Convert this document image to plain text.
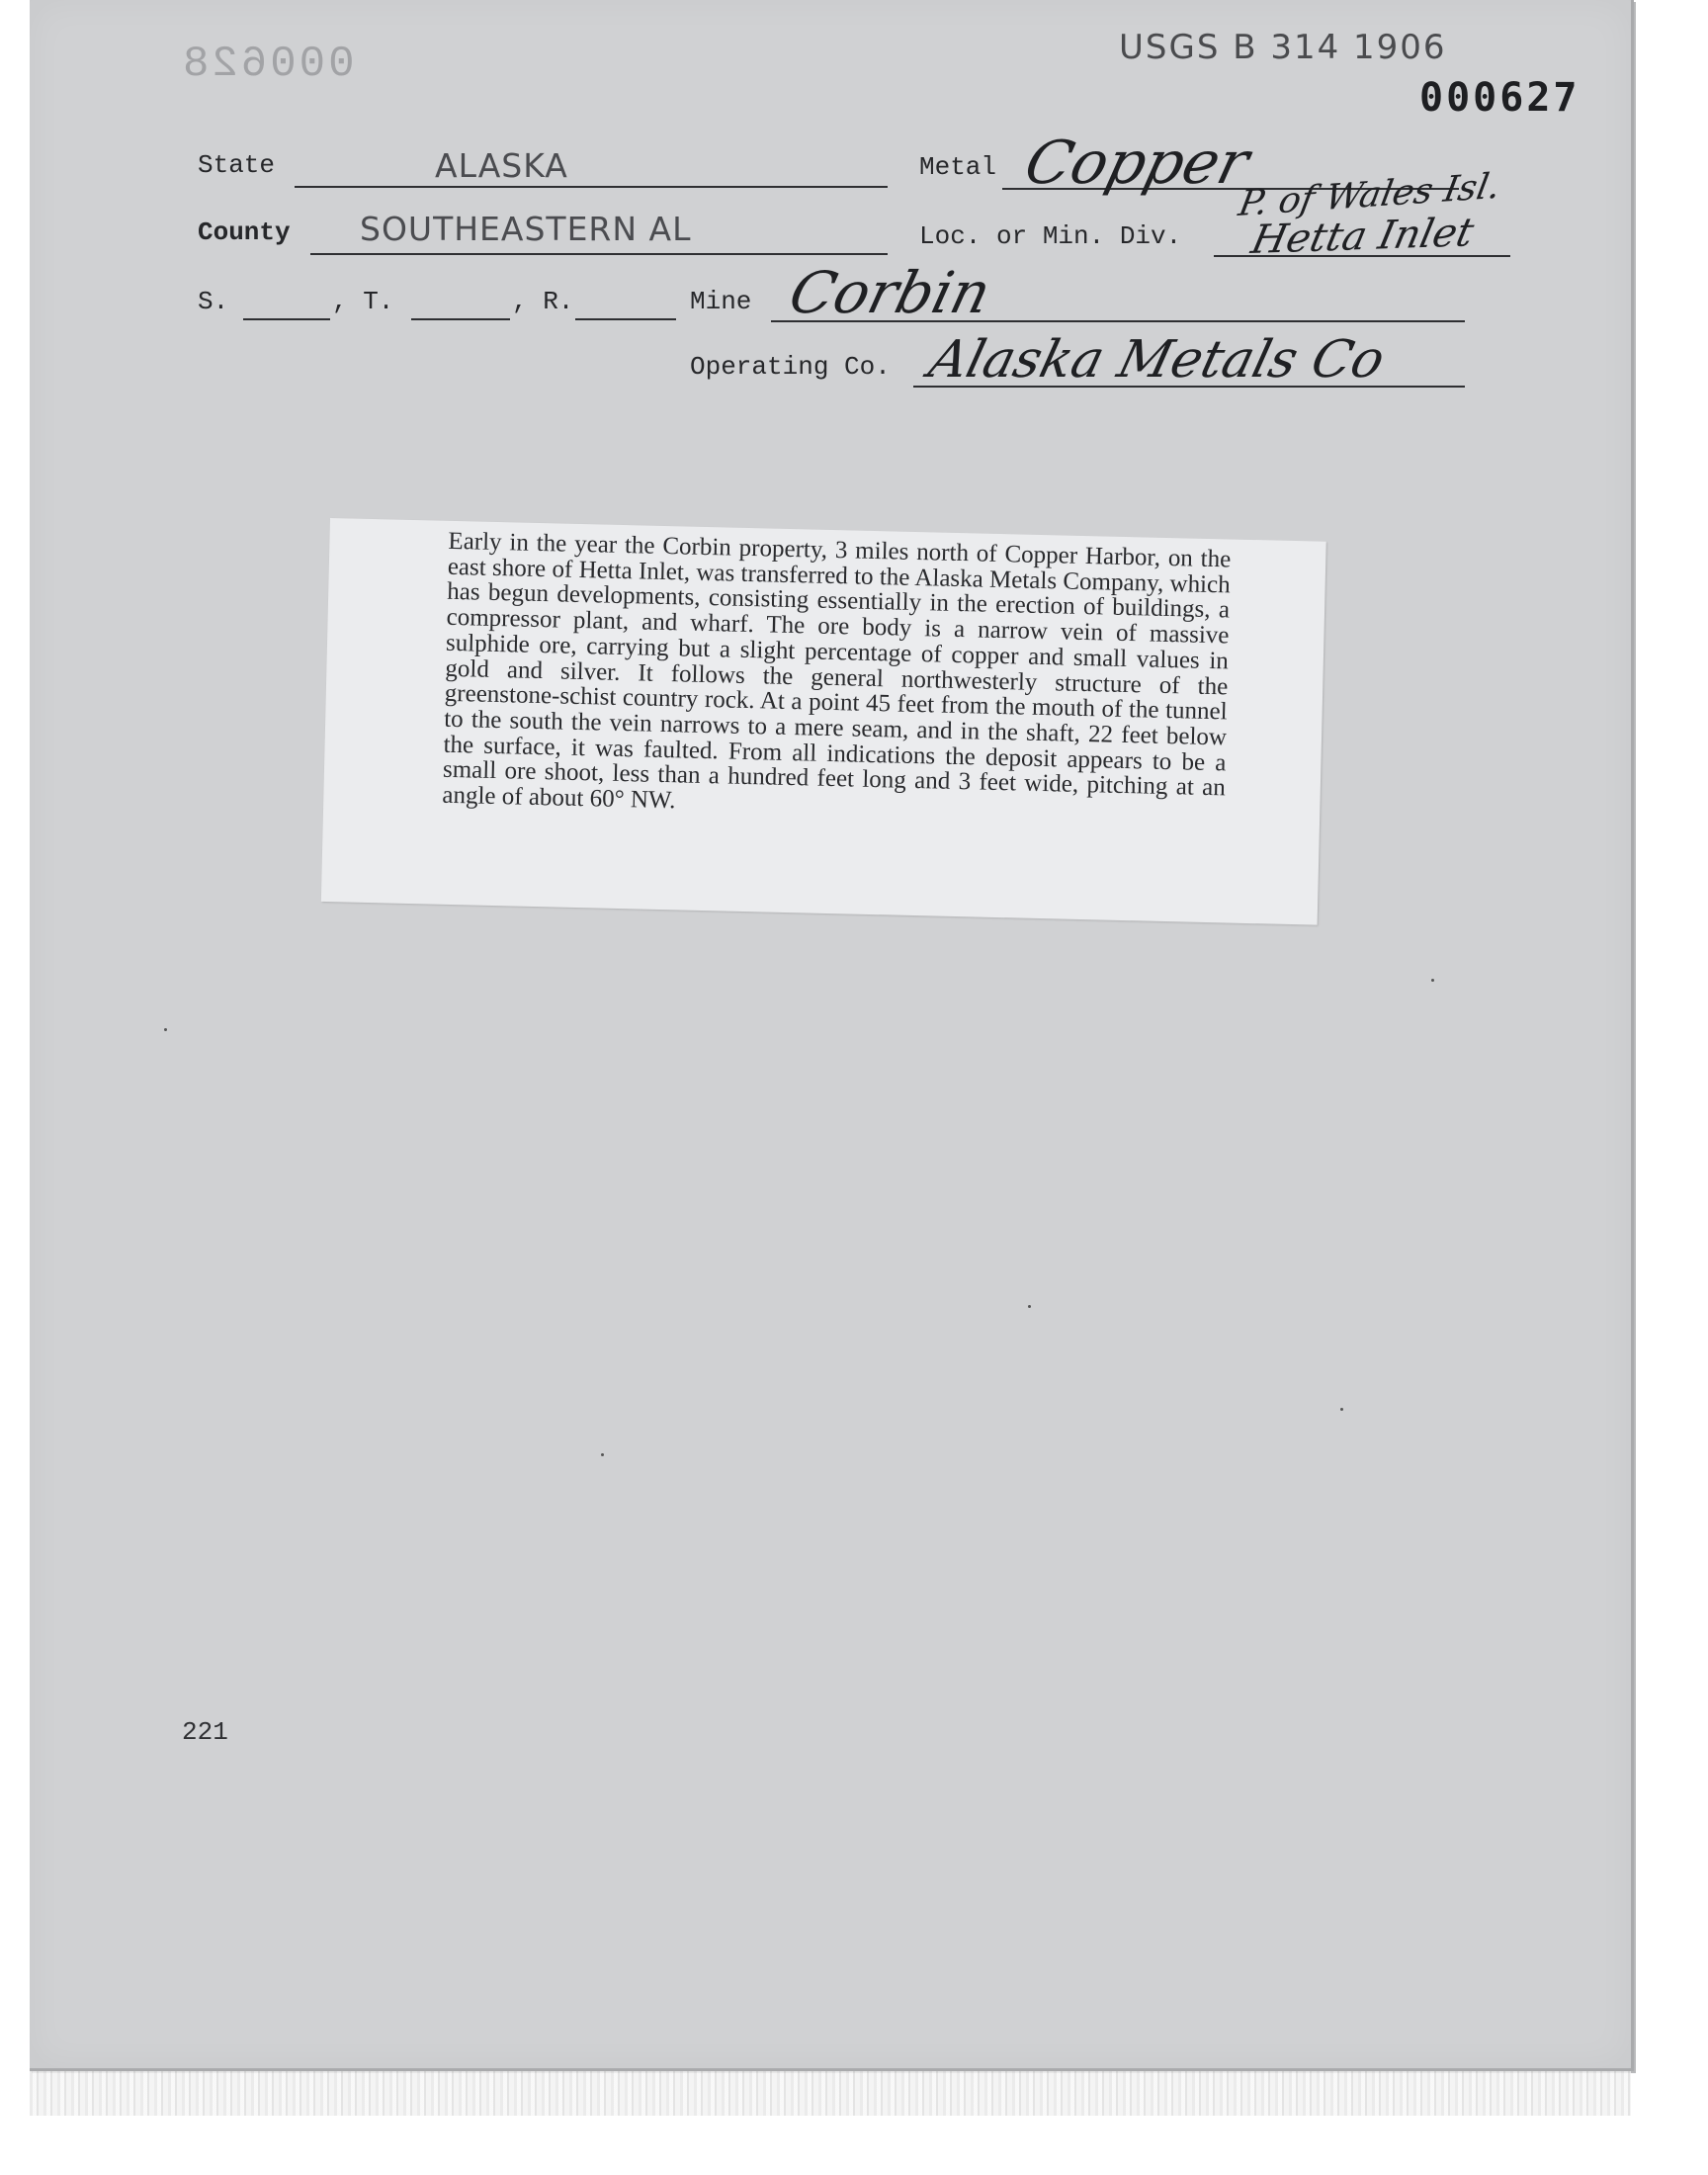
000628	USGS B 314 1906
000627
State	ALASKA	Metal Copper
County SOUTHEASTERN AL	Loc. or Min. Div.
P. of Wales Isl.
Hetta Inlet
S.	, T.	, R.	Mine Corbin
Operating Co. Alaska Metals Co

Early in the year the Corbin property, 3 miles north of Copper Harbor, on the east shore of Hetta Inlet, was transferred to the Alaska Metals Company, which has begun developments, consisting essentially in the erection of buildings, a compressor plant, and wharf. The ore body is a narrow vein of massive sulphide ore, carrying but a slight percentage of copper and small values in gold and silver. It follows the general northwesterly structure of the greenstone-schist country rock. At a point 45 feet from the mouth of the tunnel to the south the vein narrows to a mere seam, and in the shaft, 22 feet below the surface, it was faulted. From all indications the deposit appears to be a small ore shoot, less than a hundred feet long and 3 feet wide, pitching at an angle of about 60° NW.

221
